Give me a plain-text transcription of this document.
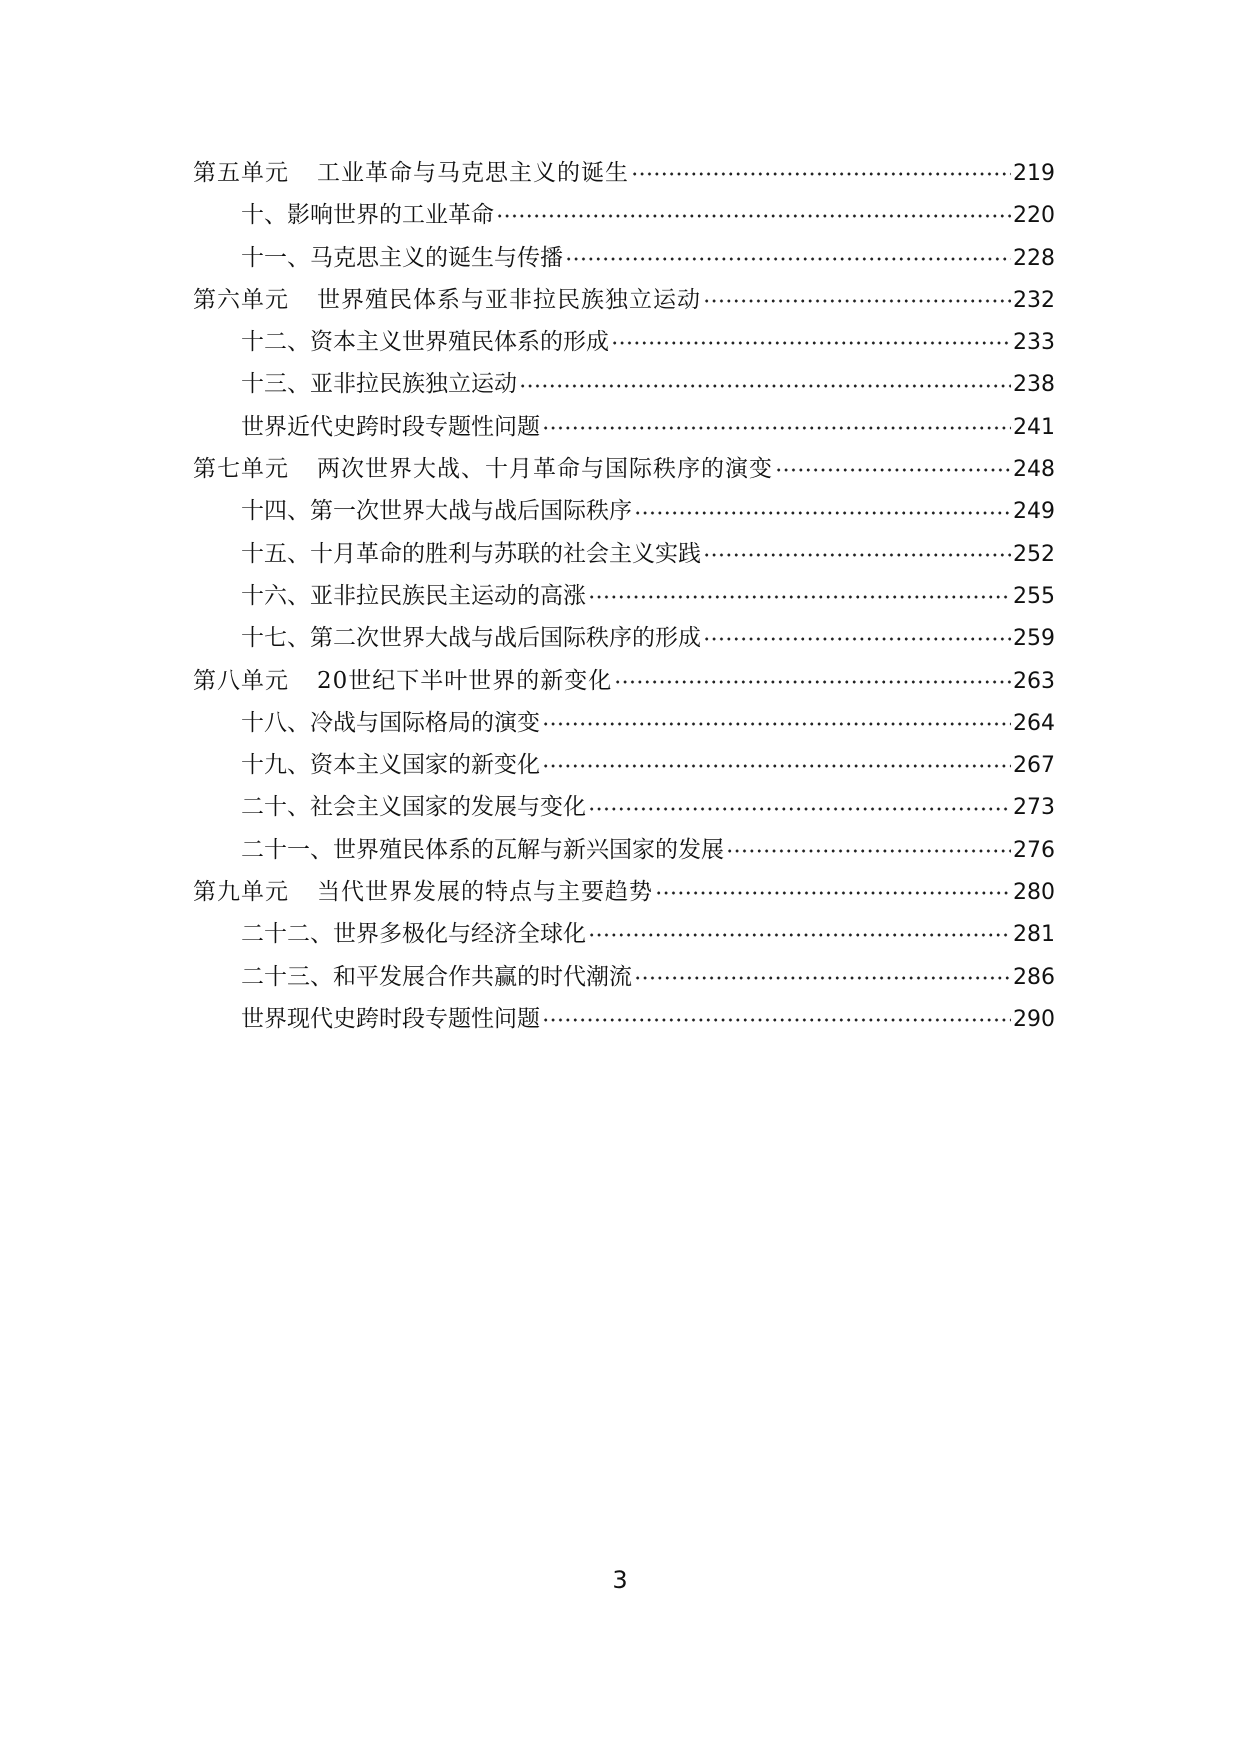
第五单元 工业革命与马克思主义的诞生	219
十、影响世界的工业革命	220
十一、马克思主义的诞生与传播	228
第六单元 世界殖民体系与亚非拉民族独立运动	232
十二、资本主义世界殖民体系的形成	233
十三、亚非拉民族独立运动	238
世界近代史跨时段专题性问题	241
第七单元 两次世界大战、十月革命与国际秩序的演变	248
十四、第一次世界大战与战后国际秩序	249
十五、十月革命的胜利与苏联的社会主义实践	252
十六、亚非拉民族民主运动的高涨	255
十七、第二次世界大战与战后国际秩序的形成	259
第八单元 20世纪下半叶世界的新变化	263
十八、冷战与国际格局的演变	264
十九、资本主义国家的新变化	267
二十、社会主义国家的发展与变化	273
二十一、世界殖民体系的瓦解与新兴国家的发展	276
第九单元 当代世界发展的特点与主要趋势	280
二十二、世界多极化与经济全球化	281
二十三、和平发展合作共赢的时代潮流	286
世界现代史跨时段专题性问题	290
3
